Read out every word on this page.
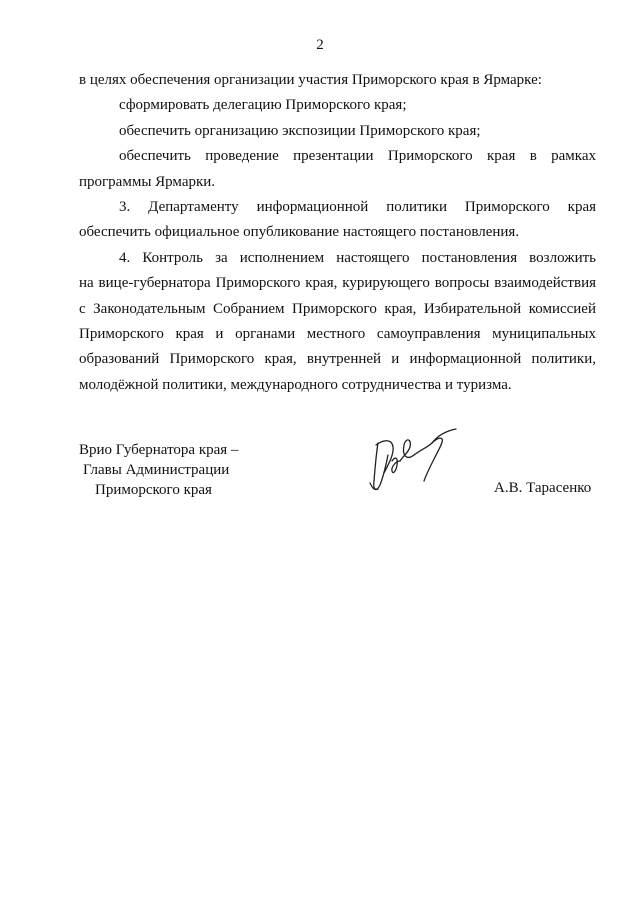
2
в целях обеспечения организации участия Приморского края в Ярмарке:
сформировать делегацию Приморского края;
обеспечить организацию экспозиции Приморского края;
обеспечить проведение презентации Приморского края в рамках
программы Ярмарки.
3. Департаменту информационной политики Приморского края
обеспечить официальное опубликование настоящего постановления.
4. Контроль за исполнением настоящего постановления возложить
на вице-губернатора Приморского края, курирующего вопросы взаимодействия
с Законодательным Собранием Приморского края, Избирательной комиссией
Приморского края и органами местного самоуправления муниципальных
образований Приморского края, внутренней и информационной политики,
молодёжной политики, международного сотрудничества и туризма.
Врио Губернатора края –
Главы Администрации
Приморского края	А.В. Тарасенко
